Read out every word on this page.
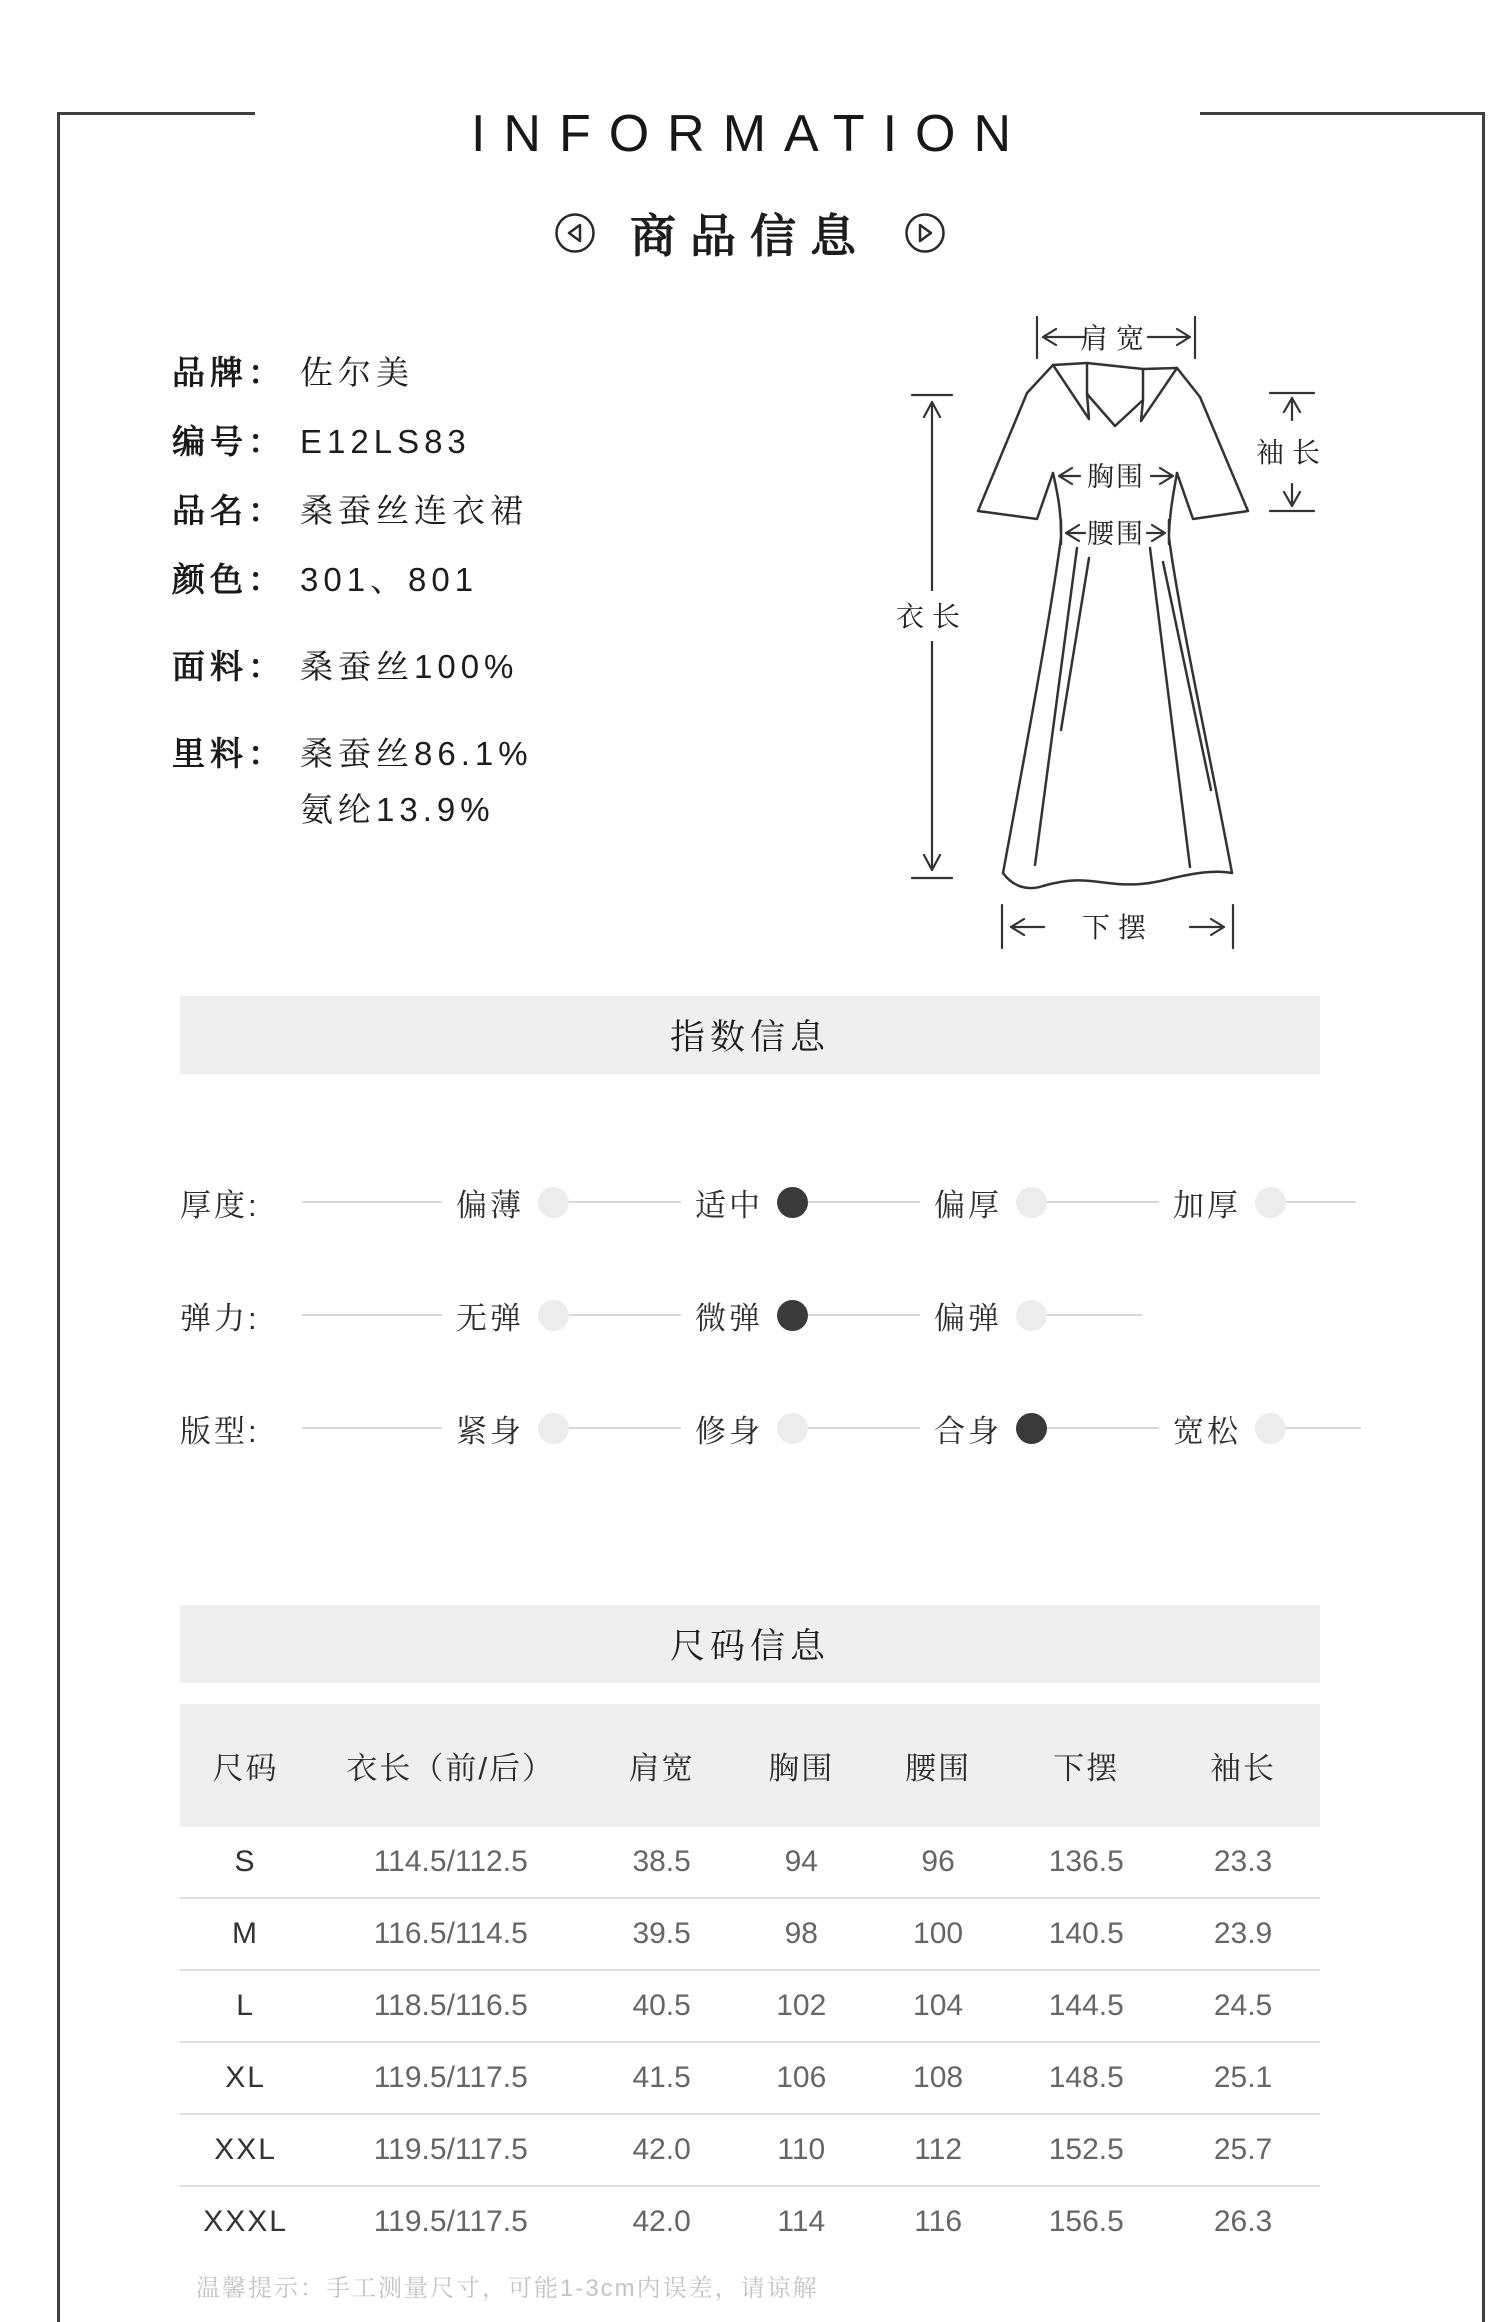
INFORMATION
商品信息
品牌： 佐尔美
编号： E12LS83
品名： 桑蚕丝连衣裙
颜色： 301、801
面料： 桑蚕丝100%
里料： 桑蚕丝86.1%
氨纶13.9%
肩宽
衣长
袖长
胸围
腰围
下摆
指数信息
厚度:	偏薄	适中	偏厚	加厚
弹力:	无弹	微弹	偏弹
版型:	紧身	修身	合身	宽松
尺码信息
尺码	衣长（前/后）	肩宽	胸围	腰围	下摆	袖长
S	114.5/112.5	38.5	94	96	136.5	23.3
M	116.5/114.5	39.5	98	100	140.5	23.9
L	118.5/116.5	40.5	102	104	144.5	24.5
XL	119.5/117.5	41.5	106	108	148.5	25.1
XXL	119.5/117.5	42.0	110	112	152.5	25.7
XXXL	119.5/117.5	42.0	114	116	156.5	26.3
温馨提示：手工测量尺寸，可能1-3cm内误差，请谅解
